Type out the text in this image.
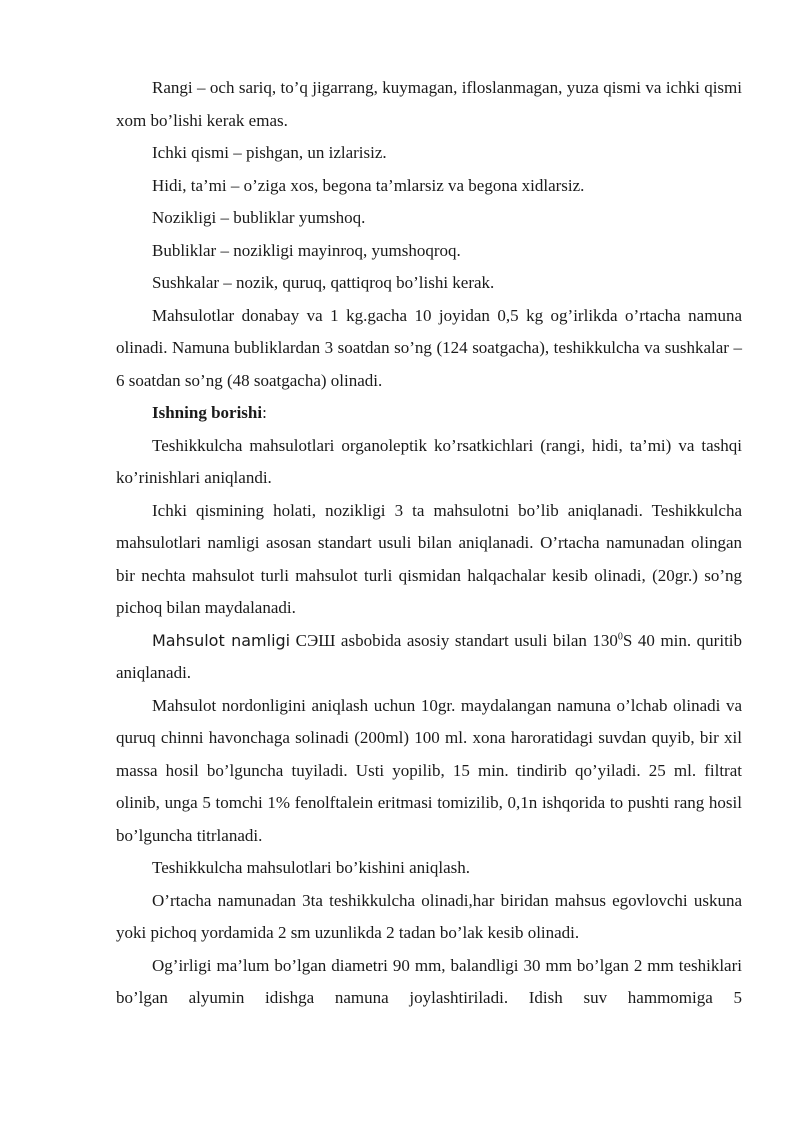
Rangi – och sariq, to’q jigarrang, kuymagan, ifloslanmagan, yuza qismi va ichki qismi xom bo’lishi kerak emas.

Ichki qismi – pishgan, un izlarisiz.

Hidi, ta’mi – o’ziga xos, begona ta’mlarsiz va begona xidlarsiz.

Nozikligi – bubliklar yumshoq.

Bubliklar – nozikligi mayinroq, yumshoqroq.

Sushkalar – nozik, quruq, qattiqroq bo’lishi kerak.

Mahsulotlar donabay va 1 kg.gacha 10 joyidan 0,5 kg og’irlikda o’rtacha namuna olinadi. Namuna bubliklardan 3 soatdan so’ng (124 soatgacha), teshikkulcha va sushkalar – 6 soatdan so’ng (48 soatgacha) olinadi.

Ishning borishi:

Teshikkulcha mahsulotlari organoleptik ko’rsatkichlari (rangi, hidi, ta’mi) va tashqi ko’rinishlari aniqlandi.

Ichki qismining holati, nozikligi 3 ta mahsulotni bo’lib aniqlanadi. Teshikkulcha mahsulotlari namligi asosan standart usuli bilan aniqlanadi. O’rtacha namunadan olingan bir nechta mahsulot turli mahsulot turli qismidan halqachalar kesib olinadi, (20gr.) so’ng pichoq bilan maydalanadi.

Mahsulot namligi СЭШ asbobida asosiy standart usuli bilan $130^0S$ 40 min. quritib aniqlanadi.

Mahsulot nordonligini aniqlash uchun 10gr. maydalangan namuna o’lchab olinadi va quruq chinni havonchaga solinadi (200ml) 100 ml. xona haroratidagi suvdan quyib, bir xil massa hosil bo’lguncha tuyiladi. Usti yopilib, 15 min. tindirib qo’yiladi. 25 ml. filtrat olinib, unga 5 tomchi 1% fenolftalein eritmasi tomizilib, 0,1n ishqorida to pushti rang hosil bo’lguncha titrlanadi.

Teshikkulcha mahsulotlari bo’kishini aniqlash.

O’rtacha namunadan 3ta teshikkulcha olinadi,har biridan mahsus egovlovchi uskuna yoki pichoq yordamida 2 sm uzunlikda 2 tadan bo’lak kesib olinadi.

Og’irligi ma’lum bo’lgan diametri 90 mm, balandligi 30 mm bo’lgan 2 mm teshiklari bo’lgan alyumin idishga namuna joylashtiriladi. Idish suv hammomiga 5
